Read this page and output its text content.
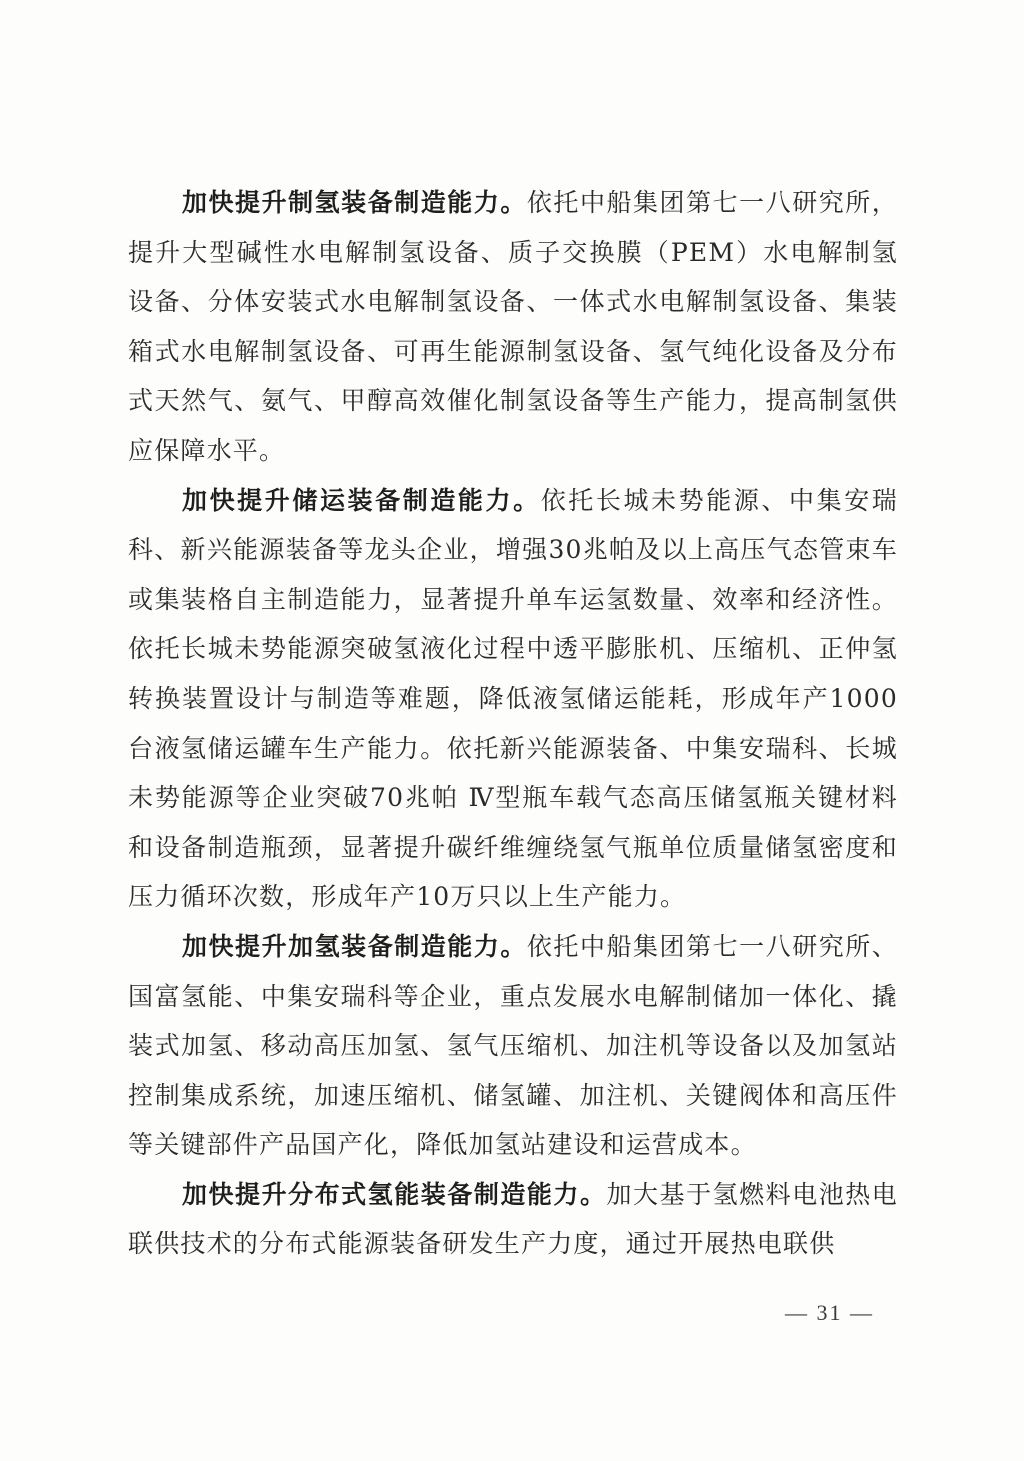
加快提升制氢装备制造能力。依托中船集团第七一八研究所，提升大型碱性水电解制氢设备、质子交换膜（PEM）水电解制氢设备、分体安装式水电解制氢设备、一体式水电解制氢设备、集装箱式水电解制氢设备、可再生能源制氢设备、氢气纯化设备及分布式天然气、氨气、甲醇高效催化制氢设备等生产能力，提高制氢供应保障水平。

加快提升储运装备制造能力。依托长城未势能源、中集安瑞科、新兴能源装备等龙头企业，增强30兆帕及以上高压气态管束车或集装格自主制造能力，显著提升单车运氢数量、效率和经济性。依托长城未势能源突破氢液化过程中透平膨胀机、压缩机、正仲氢转换装置设计与制造等难题，降低液氢储运能耗，形成年产1000台液氢储运罐车生产能力。依托新兴能源装备、中集安瑞科、长城未势能源等企业突破70兆帕 Ⅳ型瓶车载气态高压储氢瓶关键材料和设备制造瓶颈，显著提升碳纤维缠绕氢气瓶单位质量储氢密度和压力循环次数，形成年产10万只以上生产能力。

加快提升加氢装备制造能力。依托中船集团第七一八研究所、国富氢能、中集安瑞科等企业，重点发展水电解制储加一体化、撬装式加氢、移动高压加氢、氢气压缩机、加注机等设备以及加氢站控制集成系统，加速压缩机、储氢罐、加注机、关键阀体和高压件等关键部件产品国产化，降低加氢站建设和运营成本。

加快提升分布式氢能装备制造能力。加大基于氢燃料电池热电联供技术的分布式能源装备研发生产力度，通过开展热电联供

— 31 —
